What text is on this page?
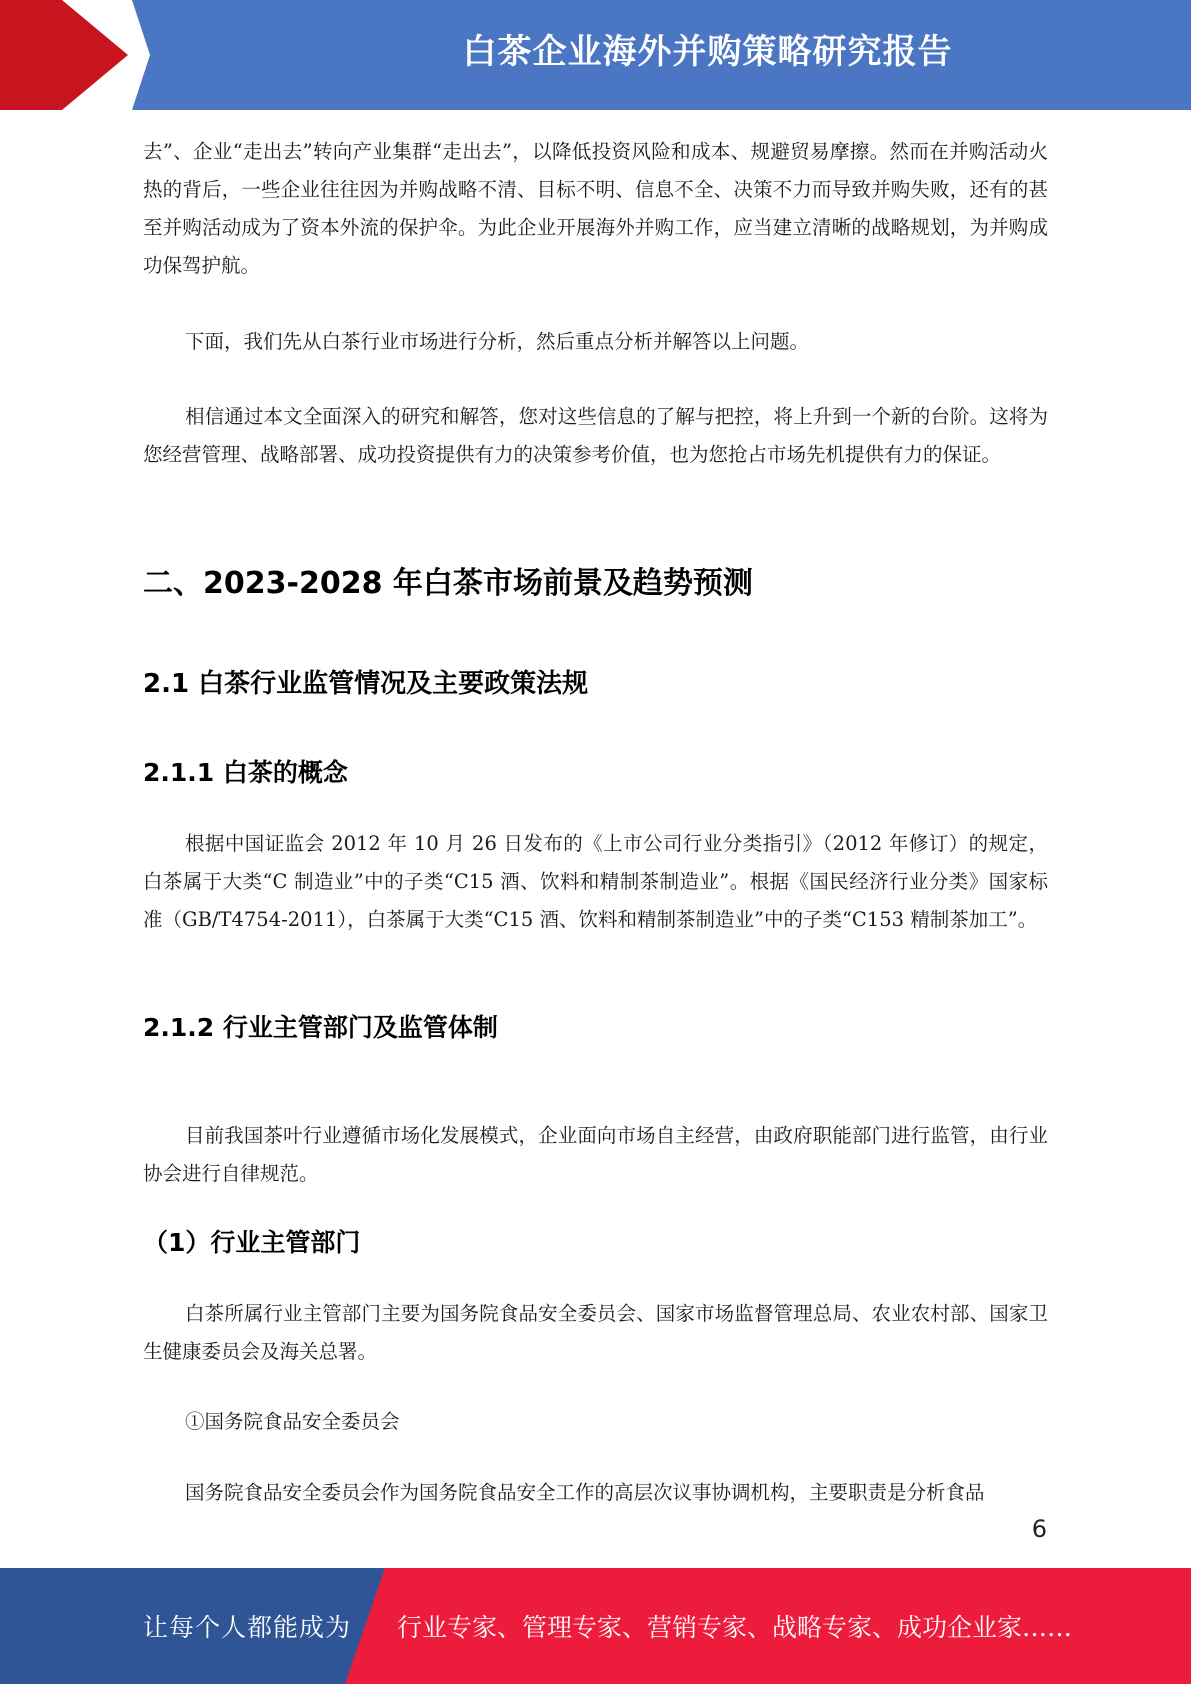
白茶企业海外并购策略研究报告

去”、企业“走出去”转向产业集群“走出去”，以降低投资风险和成本、规避贸易摩擦。然而在并购活动火热的背后，一些企业往往因为并购战略不清、目标不明、信息不全、决策不力而导致并购失败，还有的甚至并购活动成为了资本外流的保护伞。为此企业开展海外并购工作，应当建立清晰的战略规划，为并购成功保驾护航。

下面，我们先从白茶行业市场进行分析，然后重点分析并解答以上问题。

相信通过本文全面深入的研究和解答，您对这些信息的了解与把控，将上升到一个新的台阶。这将为您经营管理、战略部署、成功投资提供有力的决策参考价值，也为您抢占市场先机提供有力的保证。

二、2023-2028 年白茶市场前景及趋势预测
2.1 白茶行业监管情况及主要政策法规
2.1.1 白茶的概念

根据中国证监会 2012 年 10 月 26 日发布的《上市公司行业分类指引》（2012 年修订）的规定，白茶属于大类“C 制造业”中的子类“C15 酒、饮料和精制茶制造业”。根据《国民经济行业分类》国家标准（GB/T4754-2011），白茶属于大类“C15 酒、饮料和精制茶制造业”中的子类“C153 精制茶加工”。

2.1.2 行业主管部门及监管体制

目前我国茶叶行业遵循市场化发展模式，企业面向市场自主经营，由政府职能部门进行监管，由行业协会进行自律规范。

（1）行业主管部门

白茶所属行业主管部门主要为国务院食品安全委员会、国家市场监督管理总局、农业农村部、国家卫生健康委员会及海关总署。

①国务院食品安全委员会

国务院食品安全委员会作为国务院食品安全工作的高层次议事协调机构，主要职责是分析食品

6
让每个人都能成为 行业专家、管理专家、营销专家、战略专家、成功企业家……
